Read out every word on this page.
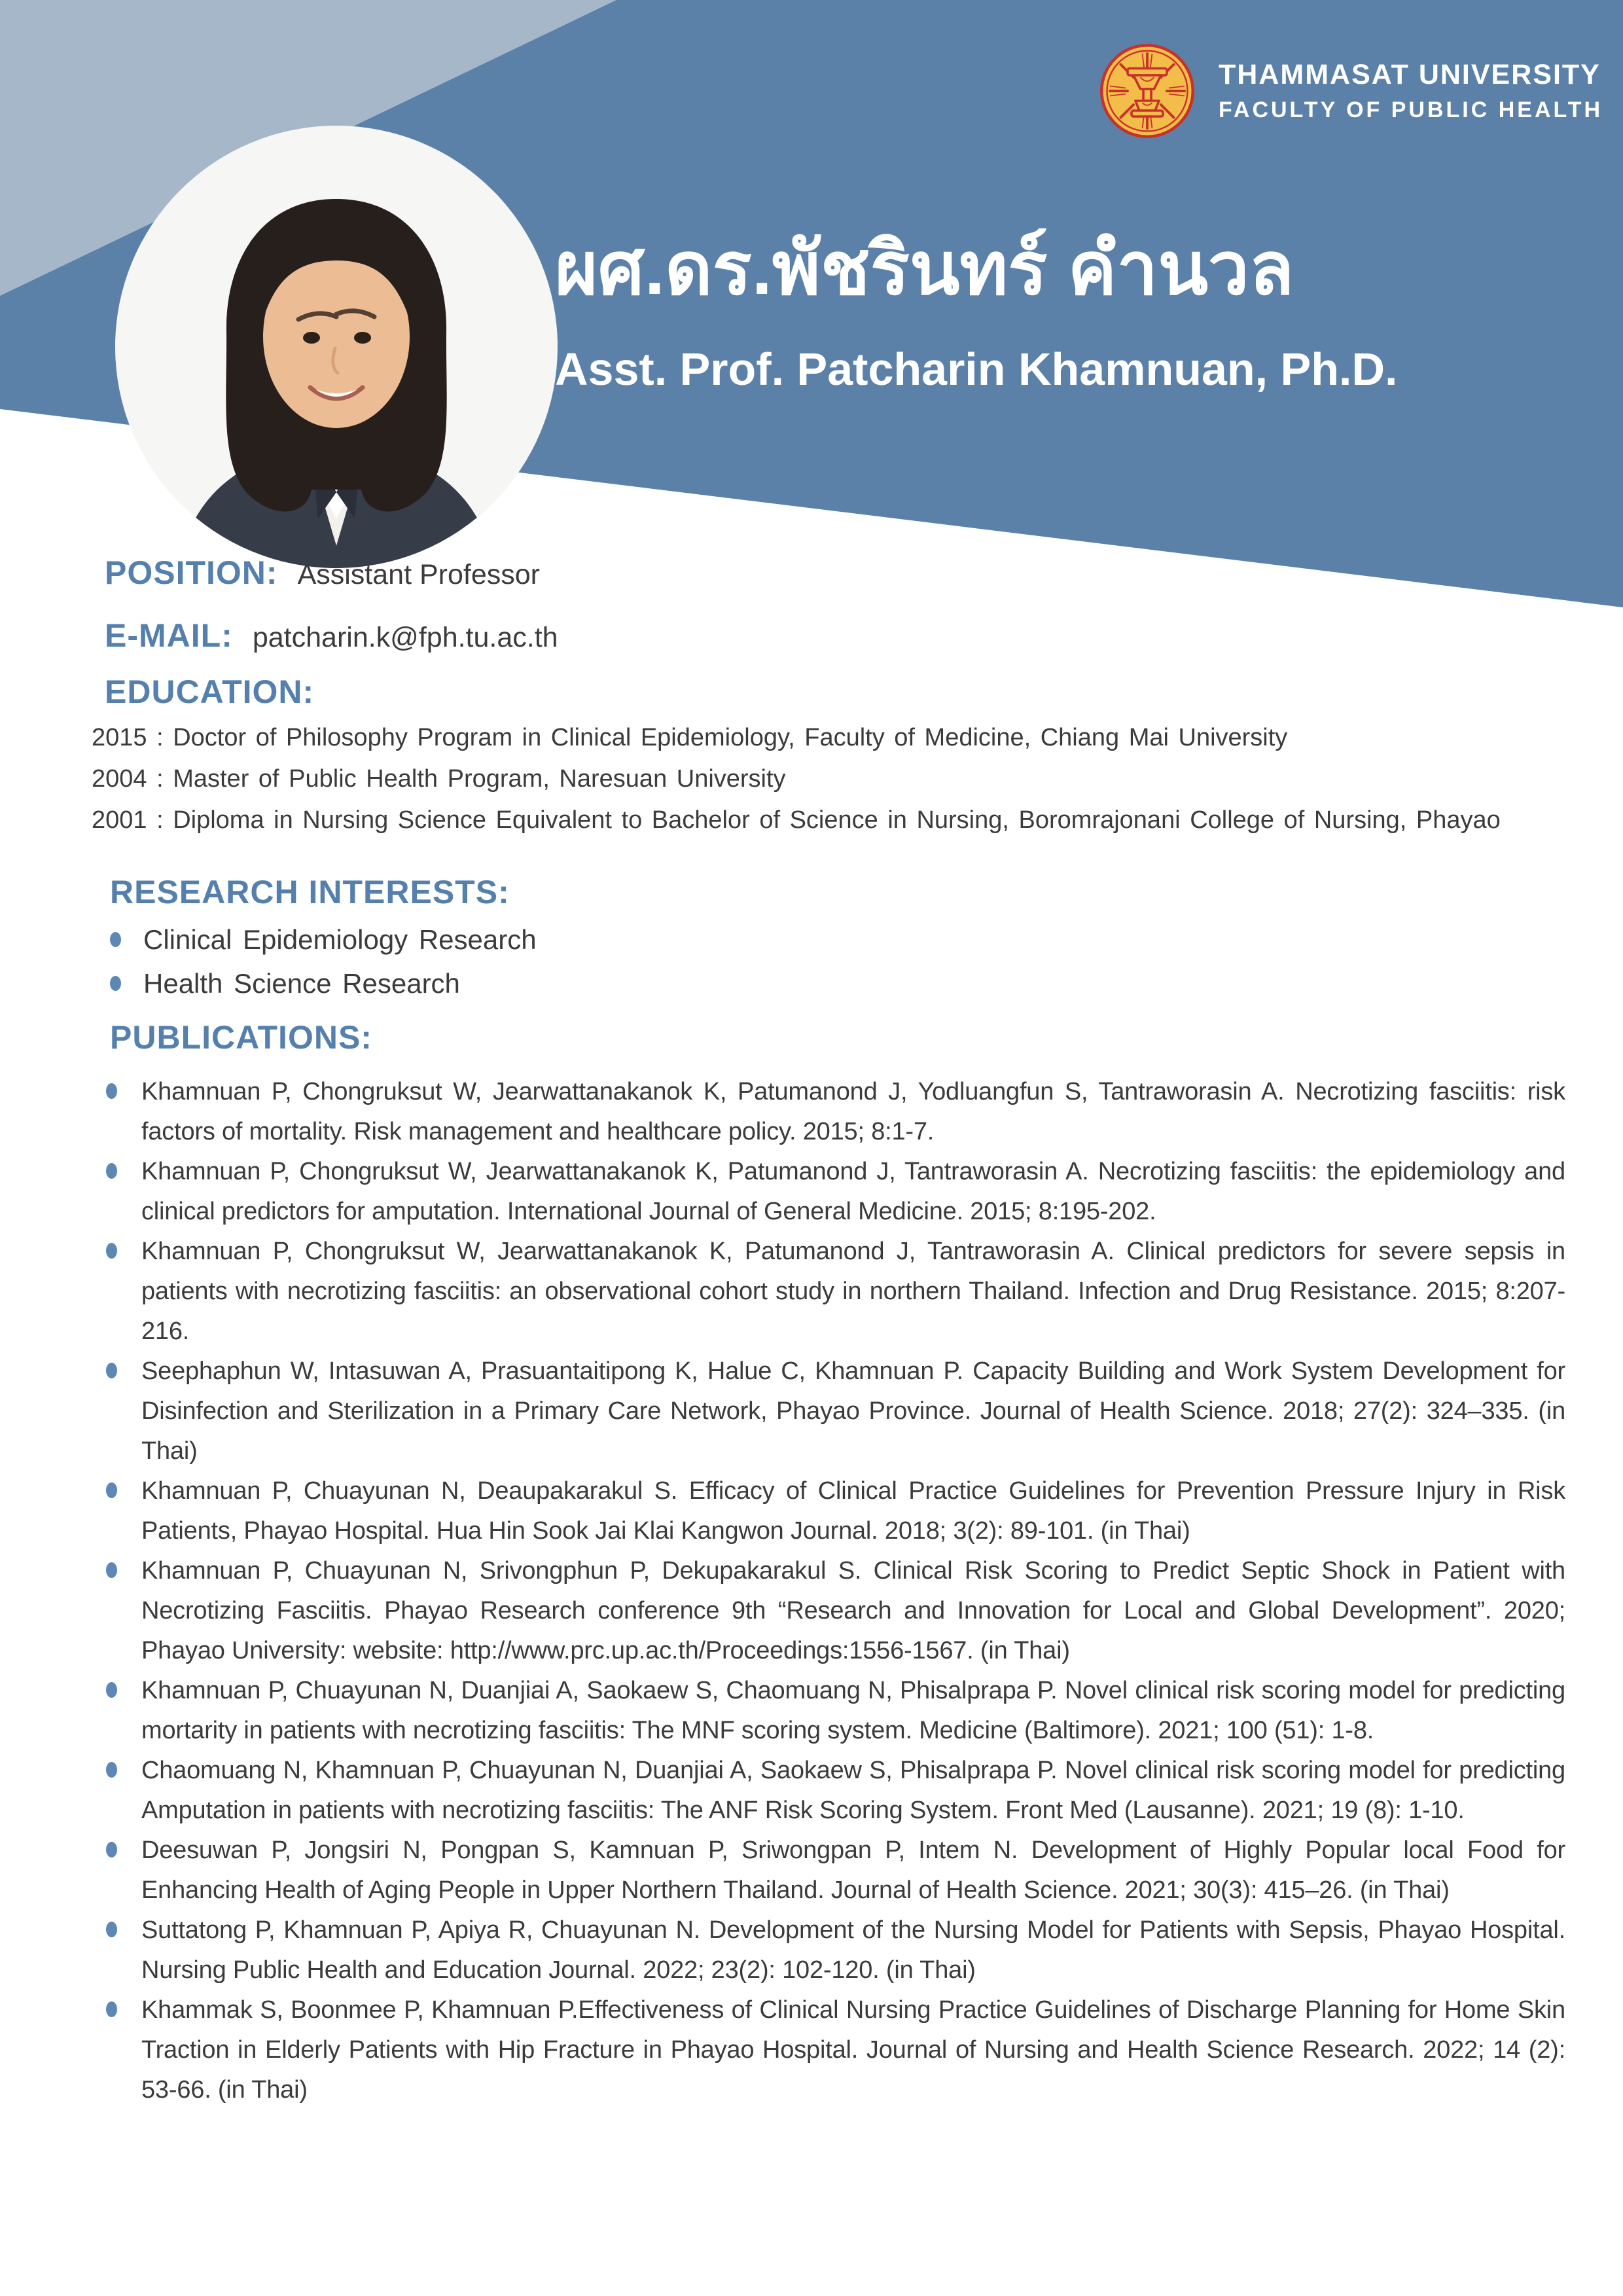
THAMMASAT UNIVERSITY
FACULTY OF PUBLIC HEALTH
ผศ.ดร.พัชรินทร์ คำนวล
Asst. Prof. Patcharin Khamnuan, Ph.D.
POSITION: Assistant Professor
E-MAIL: patcharin.k@fph.tu.ac.th
EDUCATION:
2015 : Doctor of Philosophy Program in Clinical Epidemiology, Faculty of Medicine, Chiang Mai University
2004 : Master of Public Health Program, Naresuan University
2001 : Diploma in Nursing Science Equivalent to Bachelor of Science in Nursing, Boromrajonani College of Nursing, Phayao
RESEARCH INTERESTS:
Clinical Epidemiology Research
Health Science Research
PUBLICATIONS:
Khamnuan P, Chongruksut W, Jearwattanakanok K, Patumanond J, Yodluangfun S, Tantraworasin A. Necrotizing fasciitis: risk factors of mortality. Risk management and healthcare policy. 2015; 8:1-7.
Khamnuan P, Chongruksut W, Jearwattanakanok K, Patumanond J, Tantraworasin A. Necrotizing fasciitis: the epidemiology and clinical predictors for amputation. International Journal of General Medicine. 2015; 8:195-202.
Khamnuan P, Chongruksut W, Jearwattanakanok K, Patumanond J, Tantraworasin A. Clinical predictors for severe sepsis in patients with necrotizing fasciitis: an observational cohort study in northern Thailand. Infection and Drug Resistance. 2015; 8:207-216.
Seephaphun W, Intasuwan A, Prasuantaitipong K, Halue C, Khamnuan P. Capacity Building and Work System Development for Disinfection and Sterilization in a Primary Care Network, Phayao Province. Journal of Health Science. 2018; 27(2): 324–335. (in Thai)
Khamnuan P, Chuayunan N, Deaupakarakul S. Efficacy of Clinical Practice Guidelines for Prevention Pressure Injury in Risk Patients, Phayao Hospital. Hua Hin Sook Jai Klai Kangwon Journal. 2018; 3(2): 89-101. (in Thai)
Khamnuan P, Chuayunan N, Srivongphun P, Dekupakarakul S. Clinical Risk Scoring to Predict Septic Shock in Patient with Necrotizing Fasciitis. Phayao Research conference 9th “Research and Innovation for Local and Global Development”. 2020; Phayao University: website: http://www.prc.up.ac.th/Proceedings:1556-1567. (in Thai)
Khamnuan P, Chuayunan N, Duanjiai A, Saokaew S, Chaomuang N, Phisalprapa P. Novel clinical risk scoring model for predicting mortarity in patients with necrotizing fasciitis: The MNF scoring system. Medicine (Baltimore). 2021; 100 (51): 1-8.
Chaomuang N, Khamnuan P, Chuayunan N, Duanjiai A, Saokaew S, Phisalprapa P. Novel clinical risk scoring model for predicting Amputation in patients with necrotizing fasciitis: The ANF Risk Scoring System. Front Med (Lausanne). 2021; 19 (8): 1-10.
Deesuwan P, Jongsiri N, Pongpan S, Kamnuan P, Sriwongpan P, Intem N. Development of Highly Popular local Food for Enhancing Health of Aging People in Upper Northern Thailand. Journal of Health Science. 2021; 30(3): 415–26. (in Thai)
Suttatong P, Khamnuan P, Apiya R, Chuayunan N. Development of the Nursing Model for Patients with Sepsis, Phayao Hospital. Nursing Public Health and Education Journal. 2022; 23(2): 102-120. (in Thai)
Khammak S, Boonmee P, Khamnuan P.Effectiveness of Clinical Nursing Practice Guidelines of Discharge Planning for Home Skin Traction in Elderly Patients with Hip Fracture in Phayao Hospital. Journal of Nursing and Health Science Research. 2022; 14 (2): 53-66. (in Thai)
